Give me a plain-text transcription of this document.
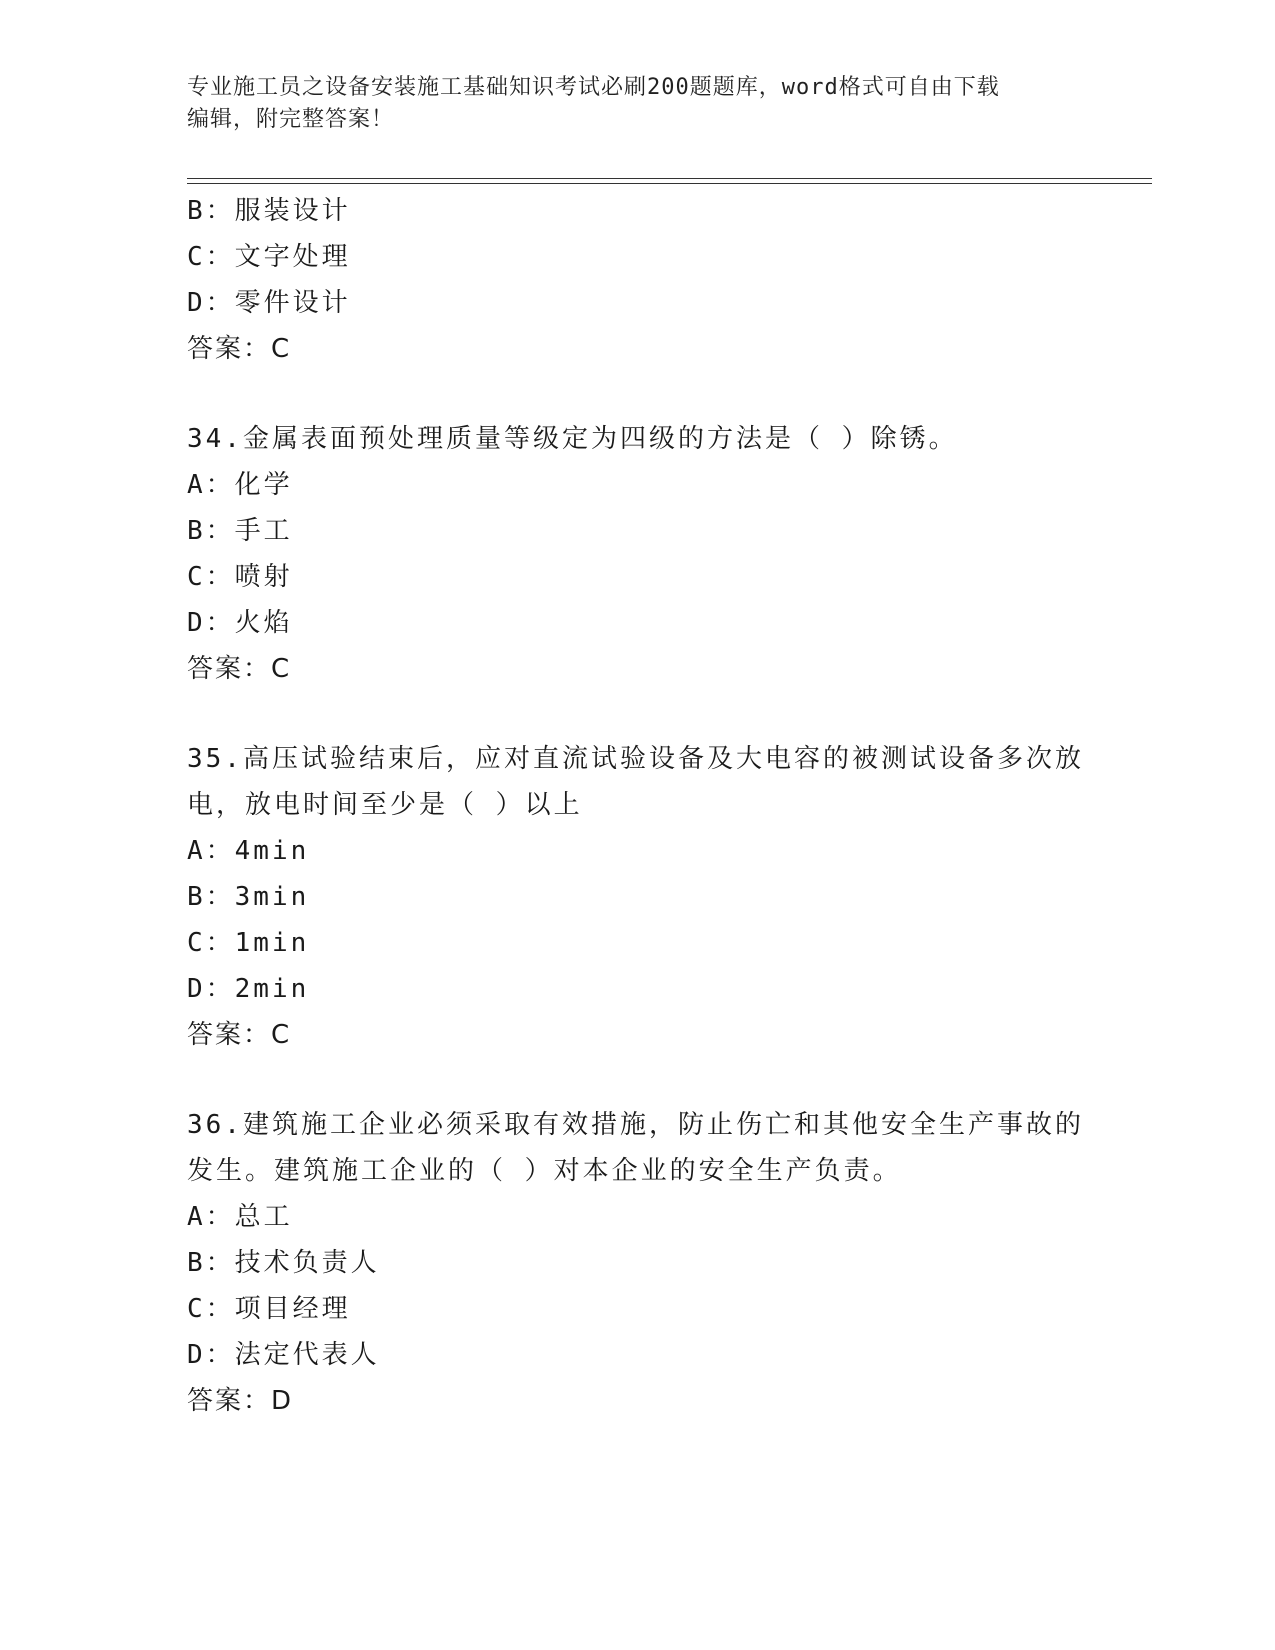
专业施工员之设备安装施工基础知识考试必刷200题题库，word格式可自由下载
编辑，附完整答案！
B：服装设计
C：文字处理
D：零件设计
答案：C
34.金属表面预处理质量等级定为四级的方法是（ ）除锈。
A：化学
B：手工
C：喷射
D：火焰
答案：C
35.高压试验结束后，应对直流试验设备及大电容的被测试设备多次放
电，放电时间至少是（ ）以上
A：4min
B：3min
C：1min
D：2min
答案：C
36.建筑施工企业必须采取有效措施，防止伤亡和其他安全生产事故的
发生。建筑施工企业的（ ）对本企业的安全生产负责。
A：总工
B：技术负责人
C：项目经理
D：法定代表人
答案：D
